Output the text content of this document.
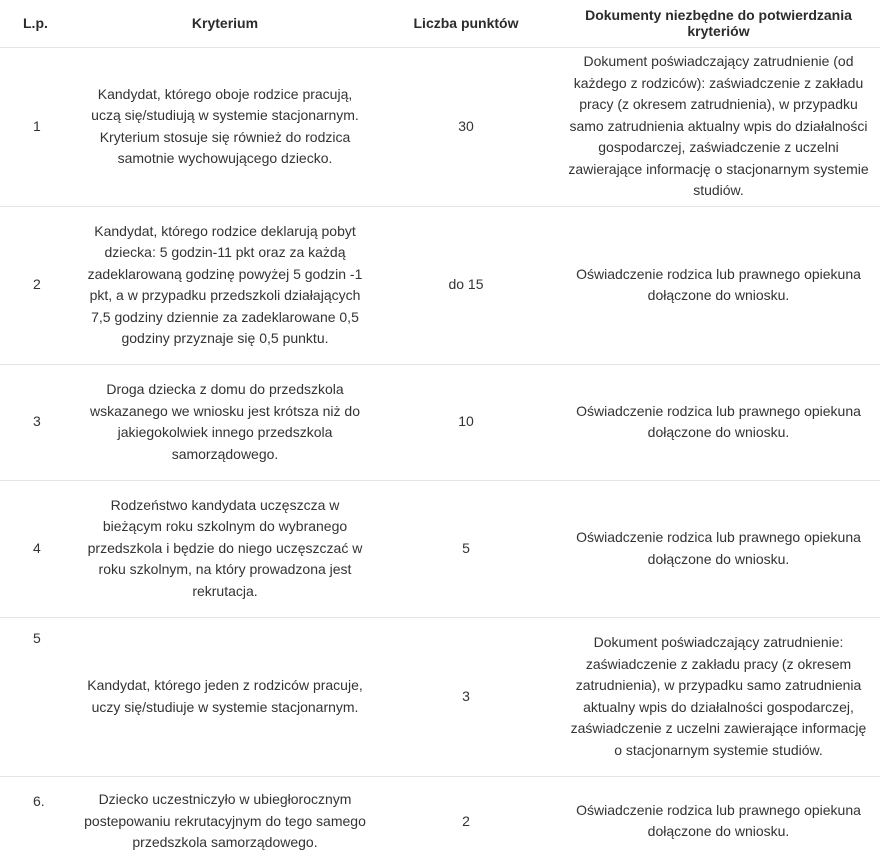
L.p.	Kryterium	Liczba punktów	Dokumenty niezbędne do potwierdzania kryteriów
1	Kandydat, którego oboje rodzice pracują, uczą się/studiują w systemie stacjonarnym. Kryterium stosuje się również do rodzica samotnie wychowującego dziecko.	30	Dokument poświadczający zatrudnienie (od każdego z rodziców): zaświadczenie z zakładu pracy (z okresem zatrudnienia), w przypadku samo zatrudnienia aktualny wpis do działalności gospodarczej, zaświadczenie z uczelni zawierające informację o stacjonarnym systemie studiów.
2	Kandydat, którego rodzice deklarują pobyt dziecka: 5 godzin-11 pkt oraz za każdą zadeklarowaną godzinę powyżej 5 godzin -1 pkt, a w przypadku przedszkoli działających 7,5 godziny dziennie za zadeklarowane 0,5 godziny przyznaje się 0,5 punktu.	do 15	Oświadczenie rodzica lub prawnego opiekuna dołączone do wniosku.
3	Droga dziecka z domu do przedszkola wskazanego we wniosku jest krótsza niż do jakiegokolwiek innego przedszkola samorządowego.	10	Oświadczenie rodzica lub prawnego opiekuna dołączone do wniosku.
4	Rodzeństwo kandydata uczęszcza w bieżącym roku szkolnym do wybranego przedszkola i będzie do niego uczęszczać w roku szkolnym, na który prowadzona jest rekrutacja.	5	Oświadczenie rodzica lub prawnego opiekuna dołączone do wniosku.
5	Kandydat, którego jeden z rodziców pracuje, uczy się/studiuje w systemie stacjonarnym.	3	Dokument poświadczający zatrudnienie: zaświadczenie z zakładu pracy (z okresem zatrudnienia), w przypadku samo zatrudnienia aktualny wpis do działalności gospodarczej, zaświadczenie z uczelni zawierające informację o stacjonarnym systemie studiów.
6.	Dziecko uczestniczyło w ubiegłorocznym postepowaniu rekrutacyjnym do tego samego przedszkola samorządowego.	2	Oświadczenie rodzica lub prawnego opiekuna dołączone do wniosku.
